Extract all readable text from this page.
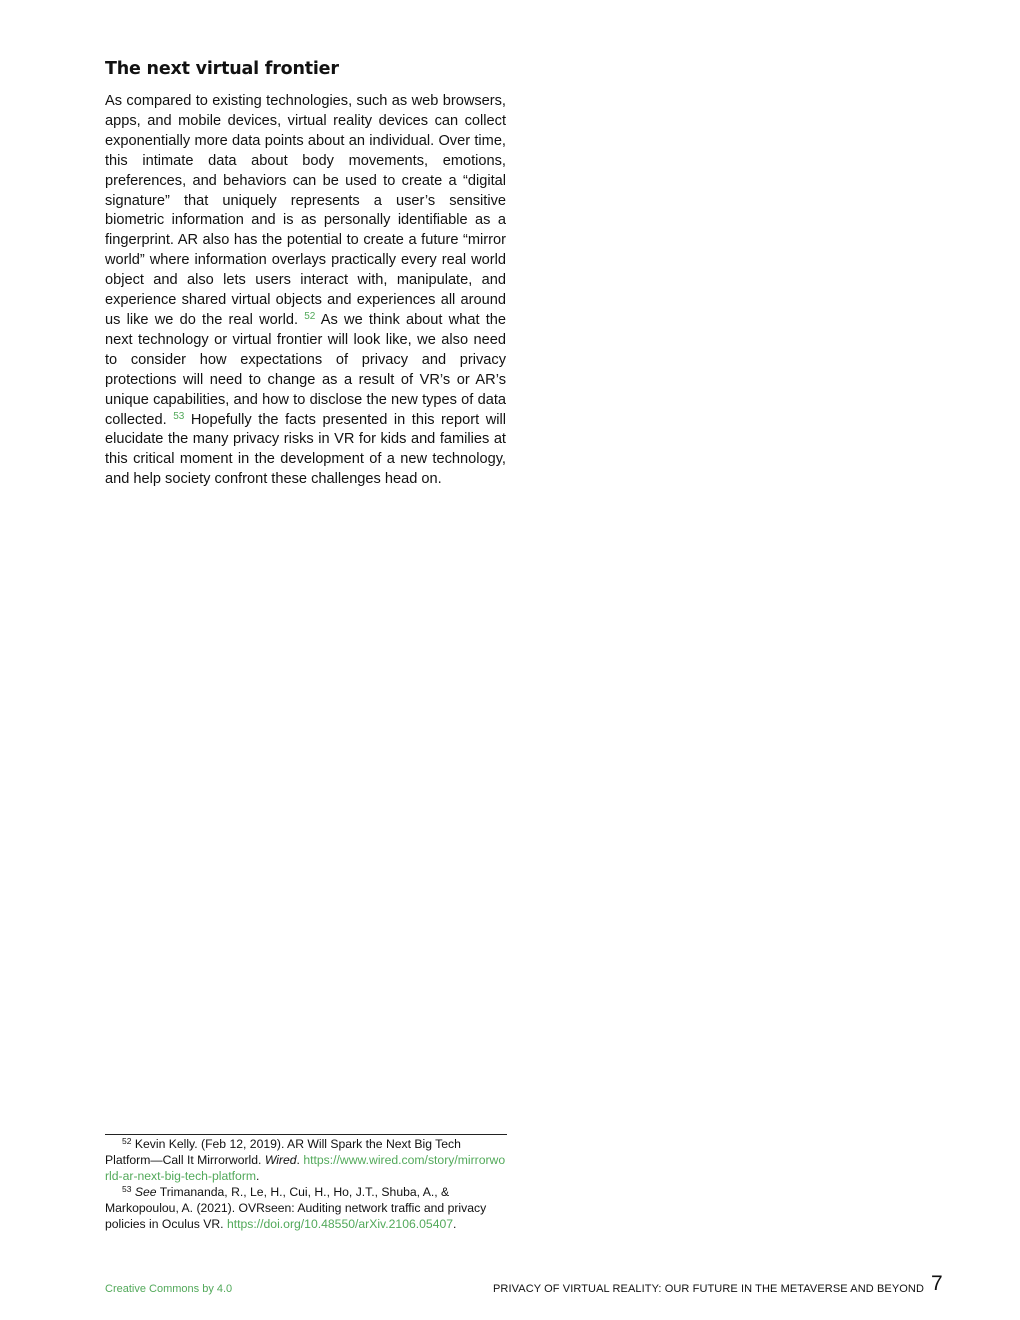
The next virtual frontier

As compared to existing technologies, such as web browsers, apps, and mobile devices, virtual reality devices can collect exponentially more data points about an individual. Over time, this intimate data about body movements, emotions, preferences, and behaviors can be used to create a “digital signature” that uniquely represents a user’s sensitive biometric information and is as personally identifiable as a fingerprint. AR also has the potential to create a future “mirror world” where information overlays practically every real world object and also lets users interact with, manipulate, and experience shared virtual objects and experiences all around us like we do the real world. $^{52}$ As we think about what the next technology or virtual frontier will look like, we also need to consider how expectations of privacy and privacy protections will need to change as a result of VR’s or AR’s unique capabilities, and how to disclose the new types of data collected. $^{53}$ Hopefully the facts presented in this report will elucidate the many privacy risks in VR for kids and families at this critical moment in the development of a new technology, and help society confront these challenges head on.

$^{52}$ Kevin Kelly. (Feb 12, 2019). AR Will Spark the Next Big Tech Platform—Call It Mirrorworld. Wired. https://www.wired.com/story/mirrorworld-ar-next-big-tech-platform.

$^{53}$ See Trimananda, R., Le, H., Cui, H., Ho, J.T., Shuba, A., & Markopoulou, A. (2021). OVRseen: Auditing network traffic and privacy policies in Oculus VR. https://doi.org/10.48550/arXiv.2106.05407.

Creative Commons by 4.0	PRIVACY OF VIRTUAL REALITY: OUR FUTURE IN THE METAVERSE AND BEYOND 7
